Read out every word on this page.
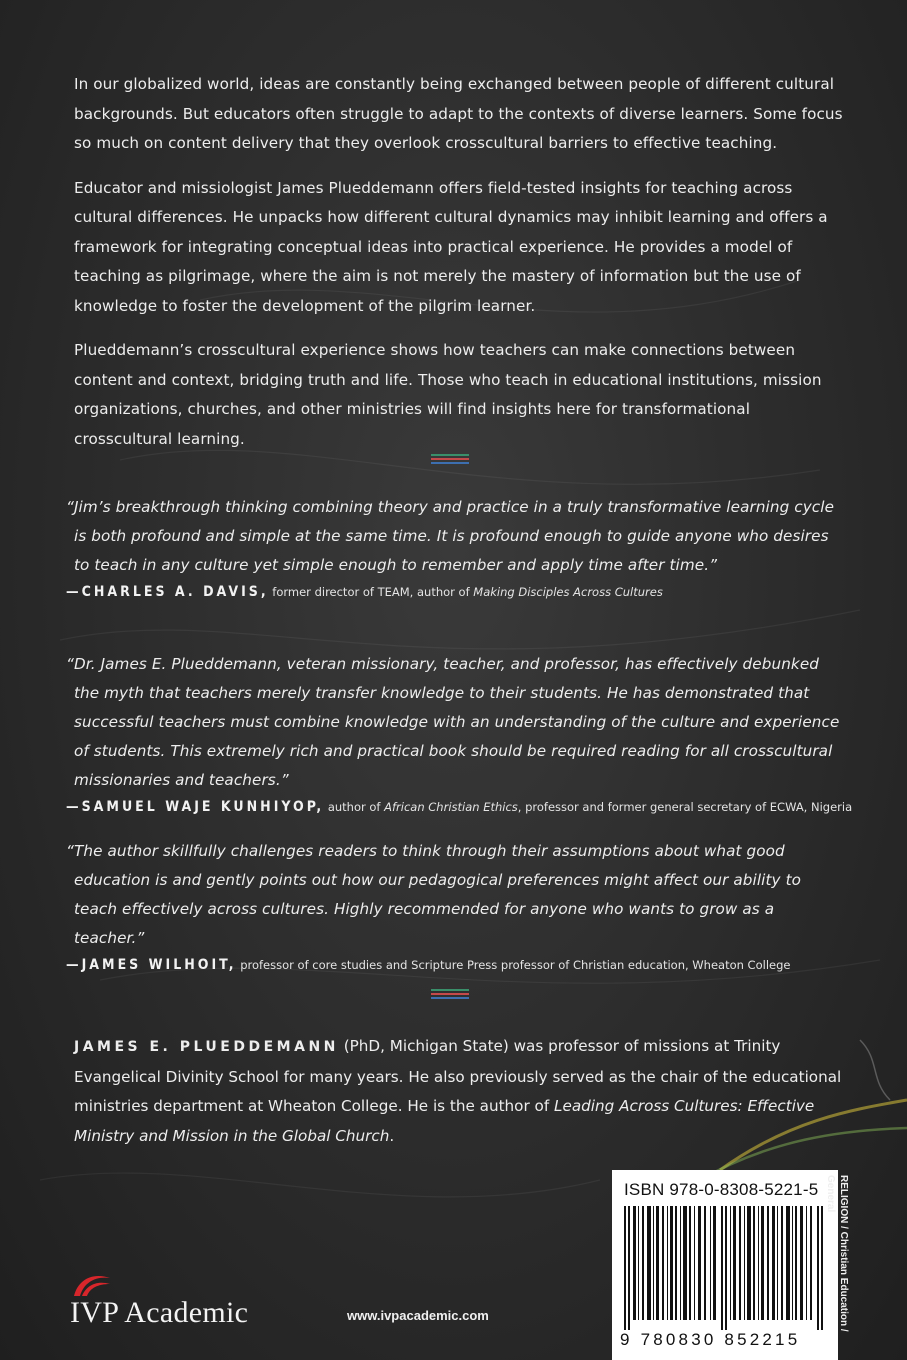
In our globalized world, ideas are constantly being exchanged between people of different cultural backgrounds. But educators often struggle to adapt to the contexts of diverse learners. Some focus so much on content delivery that they overlook crosscultural barriers to effective teaching.

Educator and missiologist James Plueddemann offers field-tested insights for teaching across cultural differences. He unpacks how different cultural dynamics may inhibit learning and offers a framework for integrating conceptual ideas into practical experience. He provides a model of teaching as pilgrimage, where the aim is not merely the mastery of information but the use of knowledge to foster the development of the pilgrim learner.

Plueddemann’s crosscultural experience shows how teachers can make connections between content and context, bridging truth and life. Those who teach in educational institutions, mission organizations, churches, and other ministries will find insights here for transformational crosscultural learning.

“Jim’s breakthrough thinking combining theory and practice in a truly transformative learning cycle is both profound and simple at the same time. It is profound enough to guide anyone who desires to teach in any culture yet simple enough to remember and apply time after time.”

—CHARLES A. DAVIS, former director of TEAM, author of Making Disciples Across Cultures

“Dr. James E. Plueddemann, veteran missionary, teacher, and professor, has effectively debunked the myth that teachers merely transfer knowledge to their students. He has demonstrated that successful teachers must combine knowledge with an understanding of the culture and experience of students. This extremely rich and practical book should be required reading for all crosscultural missionaries and teachers.”

—SAMUEL WAJE KUNHIYOP, author of African Christian Ethics, professor and former general secretary of ECWA, Nigeria

“The author skillfully challenges readers to think through their assumptions about what good education is and gently points out how our pedagogical preferences might affect our ability to teach effectively across cultures. Highly recommended for anyone who wants to grow as a teacher.”

—JAMES WILHOIT, professor of core studies and Scripture Press professor of Christian education, Wheaton College

JAMES E. PLUEDDEMANN (PhD, Michigan State) was professor of missions at Trinity Evangelical Divinity School for many years. He also previously served as the chair of the educational ministries department at Wheaton College. He is the author of Leading Across Cultures: Effective Ministry and Mission in the Global Church.

ISBN 978-0-8308-5221-5
9 780830 852215
RELIGION / Christian Education / General
IVP Academic	www.ivpacademic.com
